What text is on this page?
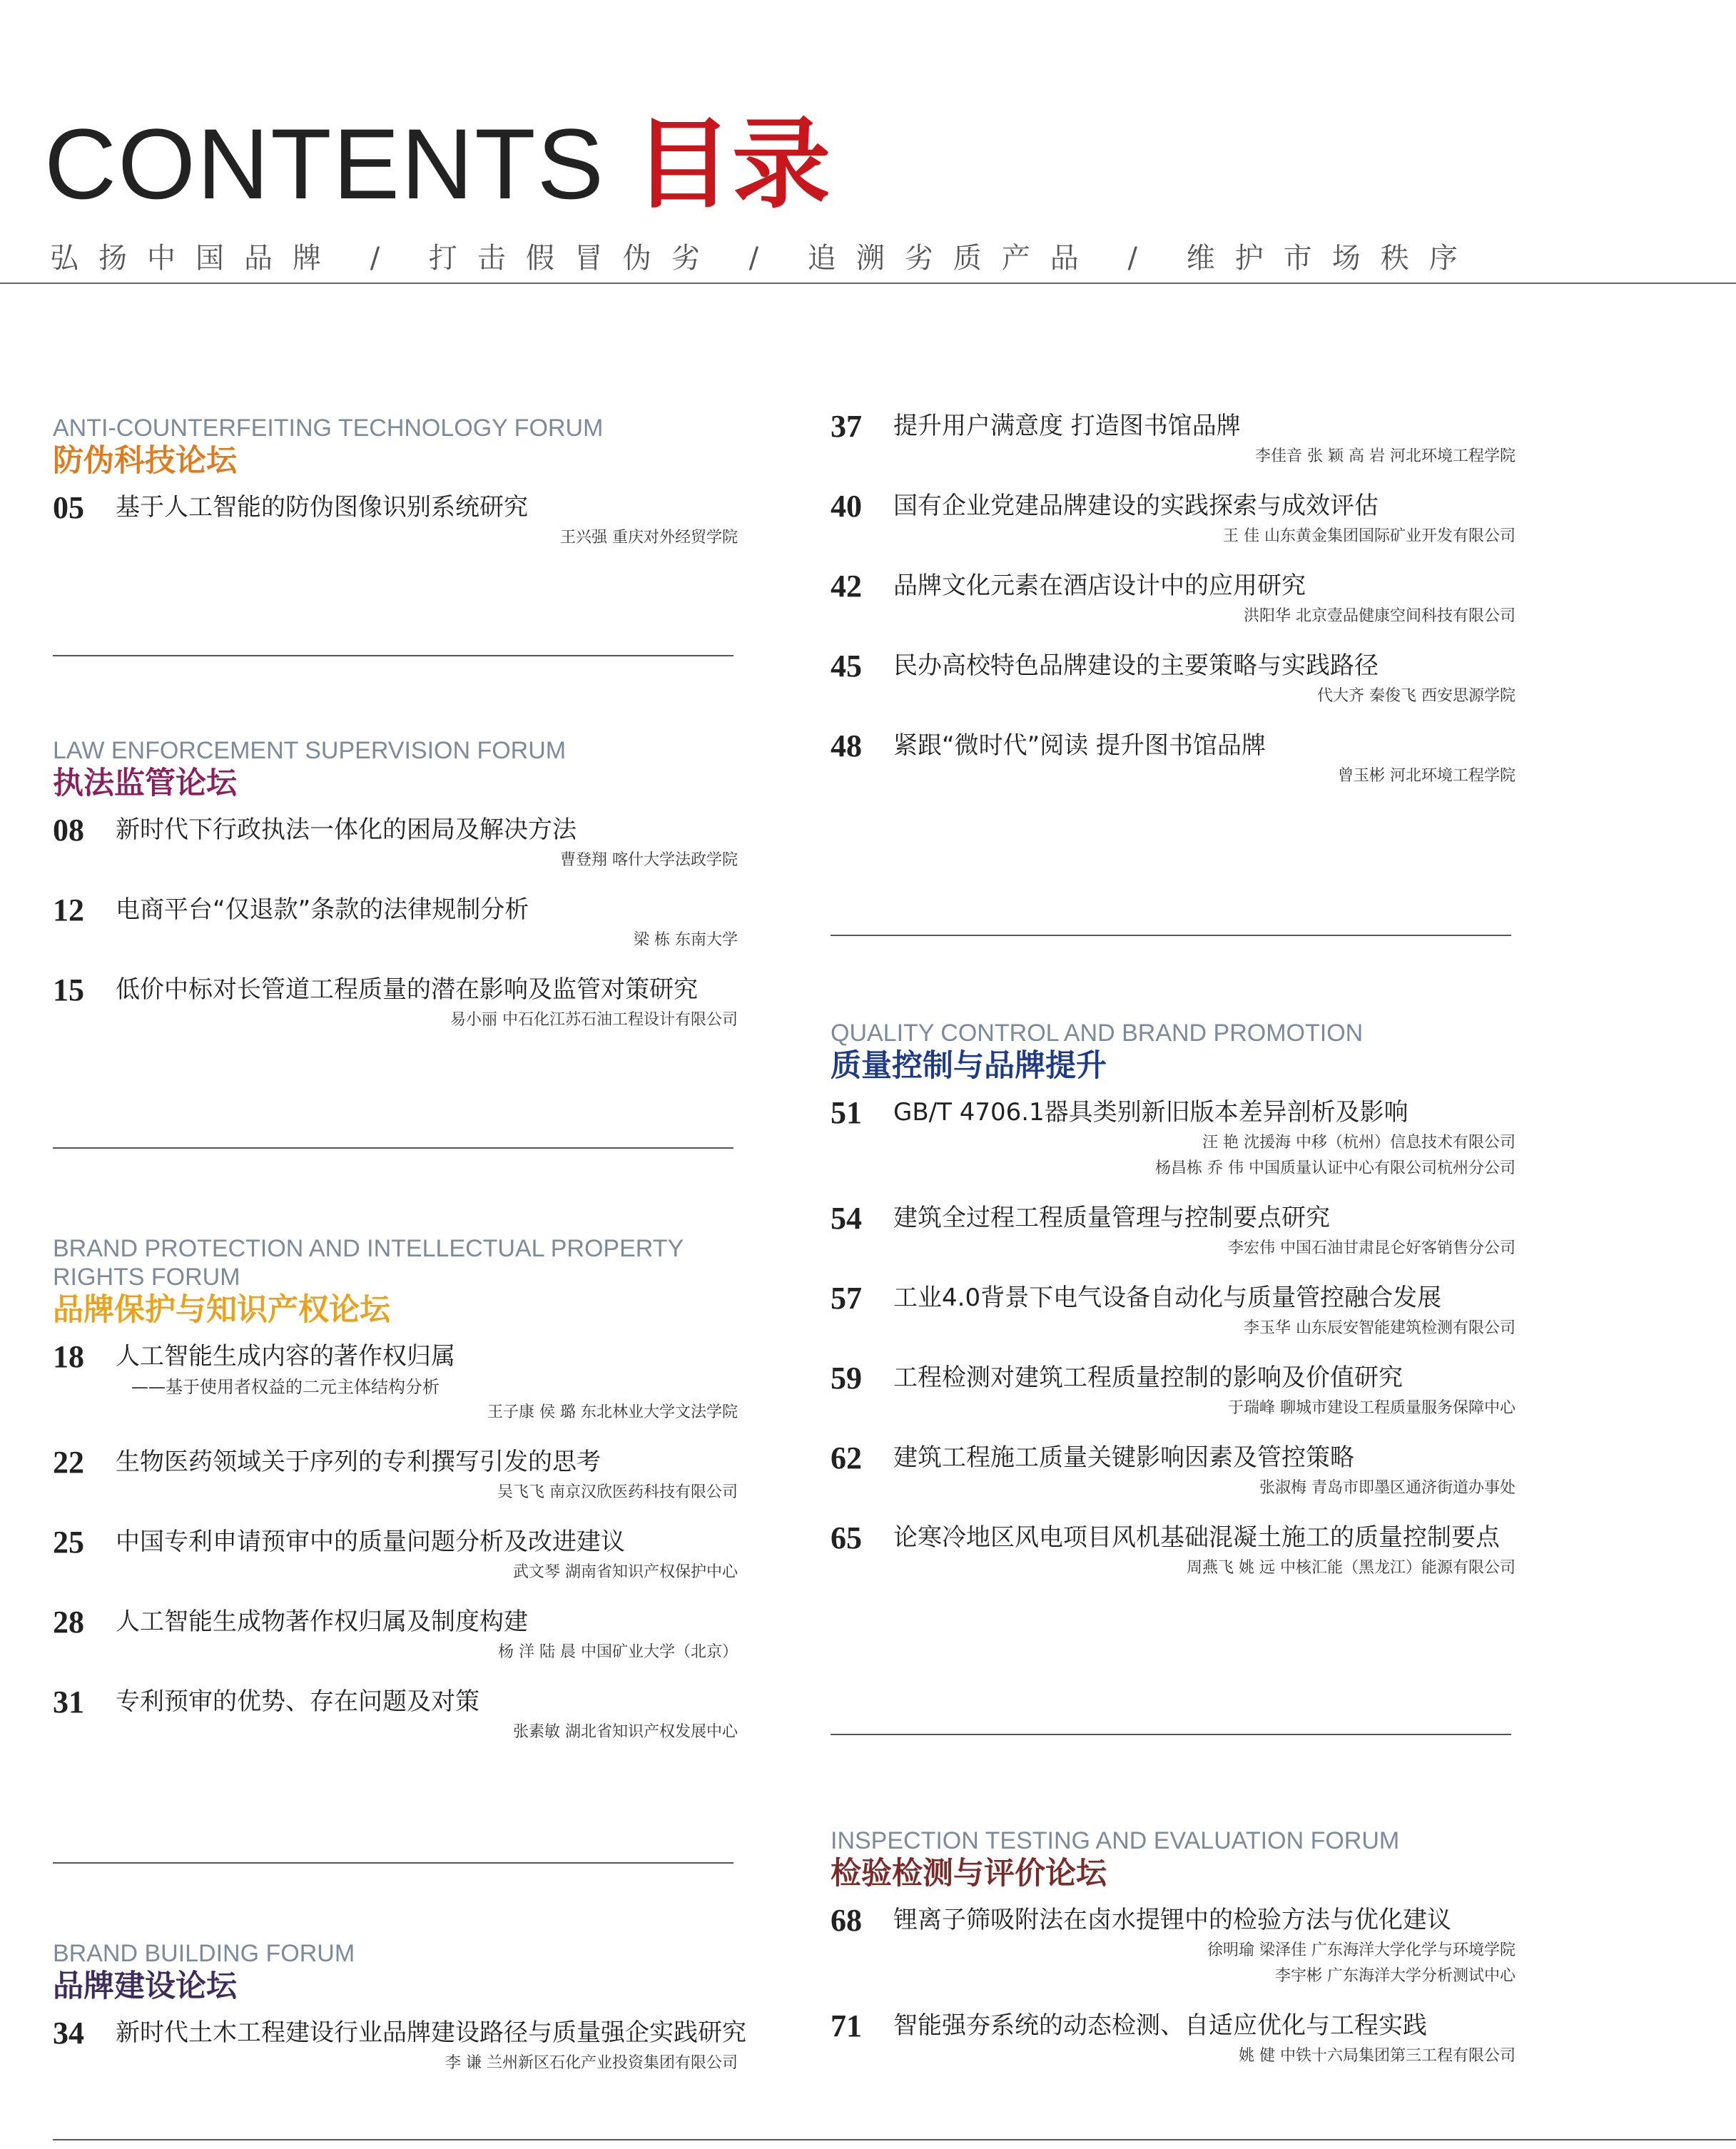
CONTENTS 目录
弘扬中国品牌 / 打击假冒伪劣 / 追溯劣质产品 / 维护市场秩序
ANTI-COUNTERFEITING TECHNOLOGY FORUM
防伪科技论坛
05 基于人工智能的防伪图像识别系统研究
王兴强 重庆对外经贸学院
LAW ENFORCEMENT SUPERVISION FORUM
执法监管论坛
08 新时代下行政执法一体化的困局及解决方法
曹登翔 喀什大学法政学院
12 电商平台“仅退款”条款的法律规制分析
梁 栋 东南大学
15 低价中标对长管道工程质量的潜在影响及监管对策研究
易小丽 中石化江苏石油工程设计有限公司
BRAND PROTECTION AND INTELLECTUAL PROPERTY RIGHTS FORUM
品牌保护与知识产权论坛
18 人工智能生成内容的著作权归属
——基于使用者权益的二元主体结构分析
王子康 侯 璐 东北林业大学文法学院
22 生物医药领域关于序列的专利撰写引发的思考
吴飞飞 南京汉欣医药科技有限公司
25 中国专利申请预审中的质量问题分析及改进建议
武文琴 湖南省知识产权保护中心
28 人工智能生成物著作权归属及制度构建
杨 洋 陆 晨 中国矿业大学（北京）
31 专利预审的优势、存在问题及对策
张素敏 湖北省知识产权发展中心
BRAND BUILDING FORUM
品牌建设论坛
34 新时代土木工程建设行业品牌建设路径与质量强企实践研究
李 谦 兰州新区石化产业投资集团有限公司
37 提升用户满意度 打造图书馆品牌
李佳音 张 颖 高 岩 河北环境工程学院
40 国有企业党建品牌建设的实践探索与成效评估
王 佳 山东黄金集团国际矿业开发有限公司
42 品牌文化元素在酒店设计中的应用研究
洪阳华 北京壹品健康空间科技有限公司
45 民办高校特色品牌建设的主要策略与实践路径
代大齐 秦俊飞 西安思源学院
48 紧跟“微时代”阅读 提升图书馆品牌
曾玉彬 河北环境工程学院
QUALITY CONTROL AND BRAND PROMOTION
质量控制与品牌提升
51 GB/T 4706.1器具类别新旧版本差异剖析及影响
汪 艳 沈援海 中移（杭州）信息技术有限公司
杨昌栋 乔 伟 中国质量认证中心有限公司杭州分公司
54 建筑全过程工程质量管理与控制要点研究
李宏伟 中国石油甘肃昆仑好客销售分公司
57 工业4.0背景下电气设备自动化与质量管控融合发展
李玉华 山东辰安智能建筑检测有限公司
59 工程检测对建筑工程质量控制的影响及价值研究
于瑞峰 聊城市建设工程质量服务保障中心
62 建筑工程施工质量关键影响因素及管控策略
张淑梅 青岛市即墨区通济街道办事处
65 论寒冷地区风电项目风机基础混凝土施工的质量控制要点
周燕飞 姚 远 中核汇能（黑龙江）能源有限公司
INSPECTION TESTING AND EVALUATION FORUM
检验检测与评价论坛
68 锂离子筛吸附法在卤水提锂中的检验方法与优化建议
徐明瑜 梁泽佳 广东海洋大学化学与环境学院
李宇彬 广东海洋大学分析测试中心
71 智能强夯系统的动态检测、自适应优化与工程实践
姚 健 中铁十六局集团第三工程有限公司
